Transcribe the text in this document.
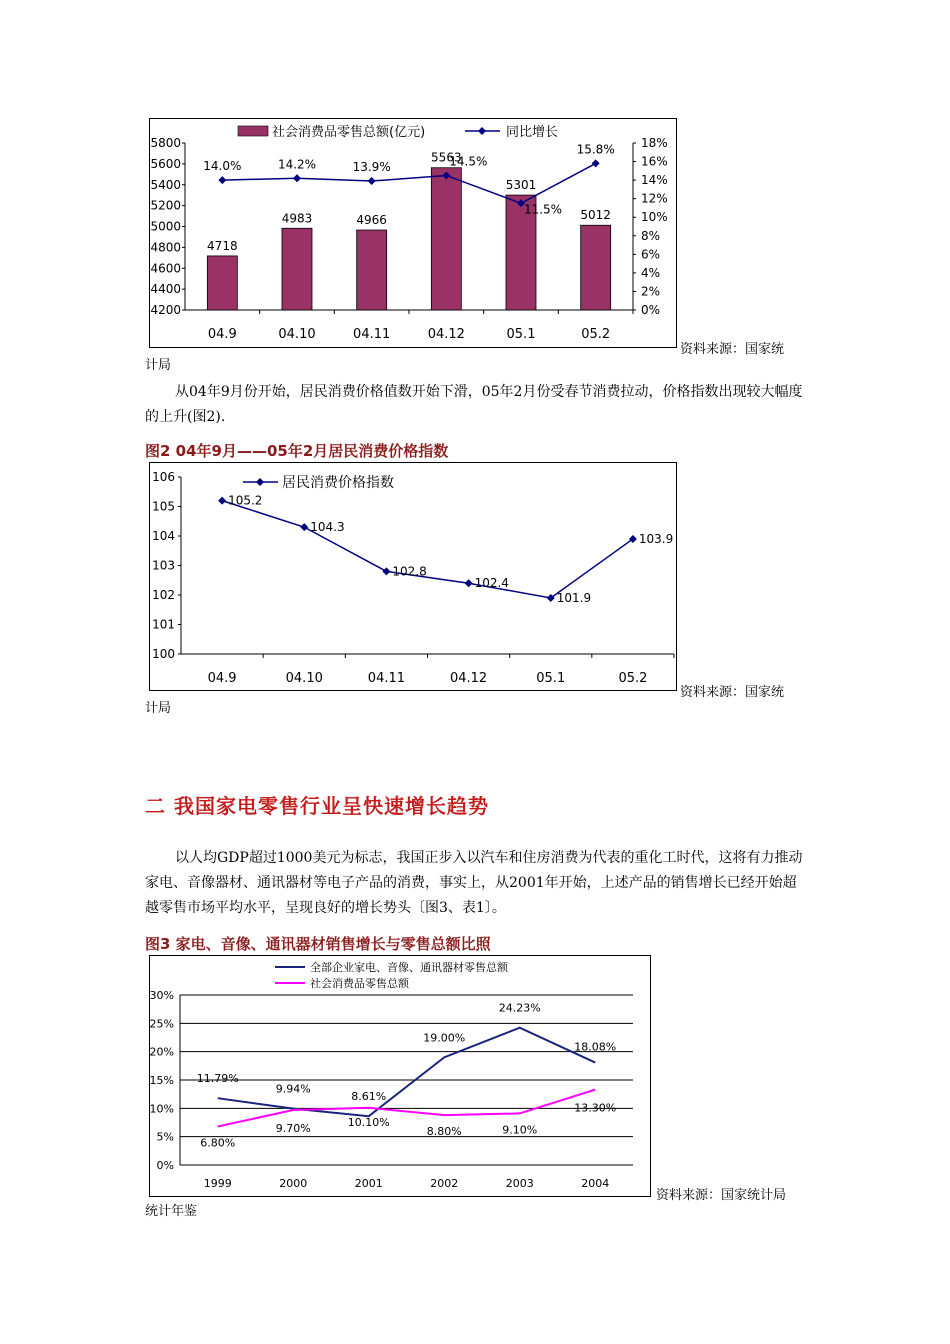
4200
4400
4600
4800
5000
5200
5400
5600
5800
0%
2%
4%
6%
8%
10%
12%
14%
16%
18%
04.9
4718
04.10
4983
04.11
4966
04.12
5563
05.1
5301
05.2
5012
14.0%	14.2%	13.9%	14.5%
11.5%
15.8%
社会消费品零售总额(亿元)	同比增长
资料来源：国家统
计局
从04年9月份开始，居民消费价格值数开始下滑，05年2月份受春节消费拉动，价格指数出现较大幅度的上升(图2).
图2 04年9月——05年2月居民消费价格指数
100
101
102
103
104
105
106
04.9	04.10	04.11	04.12	05.1	05.2
105.2
104.3
102.8
102.4
101.9
103.9
居民消费价格指数
资料来源：国家统
计局
二 我国家电零售行业呈快速增长趋势
以人均GDP超过1000美元为标志，我国正步入以汽车和住房消费为代表的重化工时代，这将有力推动家电、音像器材、通讯器材等电子产品的消费，事实上，从2001年开始，上述产品的销售增长已经开始超越零售市场平均水平，呈现良好的增长势头〔图3、表1〕。
图3 家电、音像、通讯器材销售增长与零售总额比照
0%
5%
10%
15%
20%
25%
30%
1999	2000	2001	2002	2003	2004
11.79%
9.94%
8.61%
19.00%
24.23%
18.08%
全部企业家电、音像、通讯器材零售总额
6.80%
9.70%	10.10%
8.80%	9.10%
13.30%
社会消费品零售总额
资料来源：国家统计局
统计年鉴
